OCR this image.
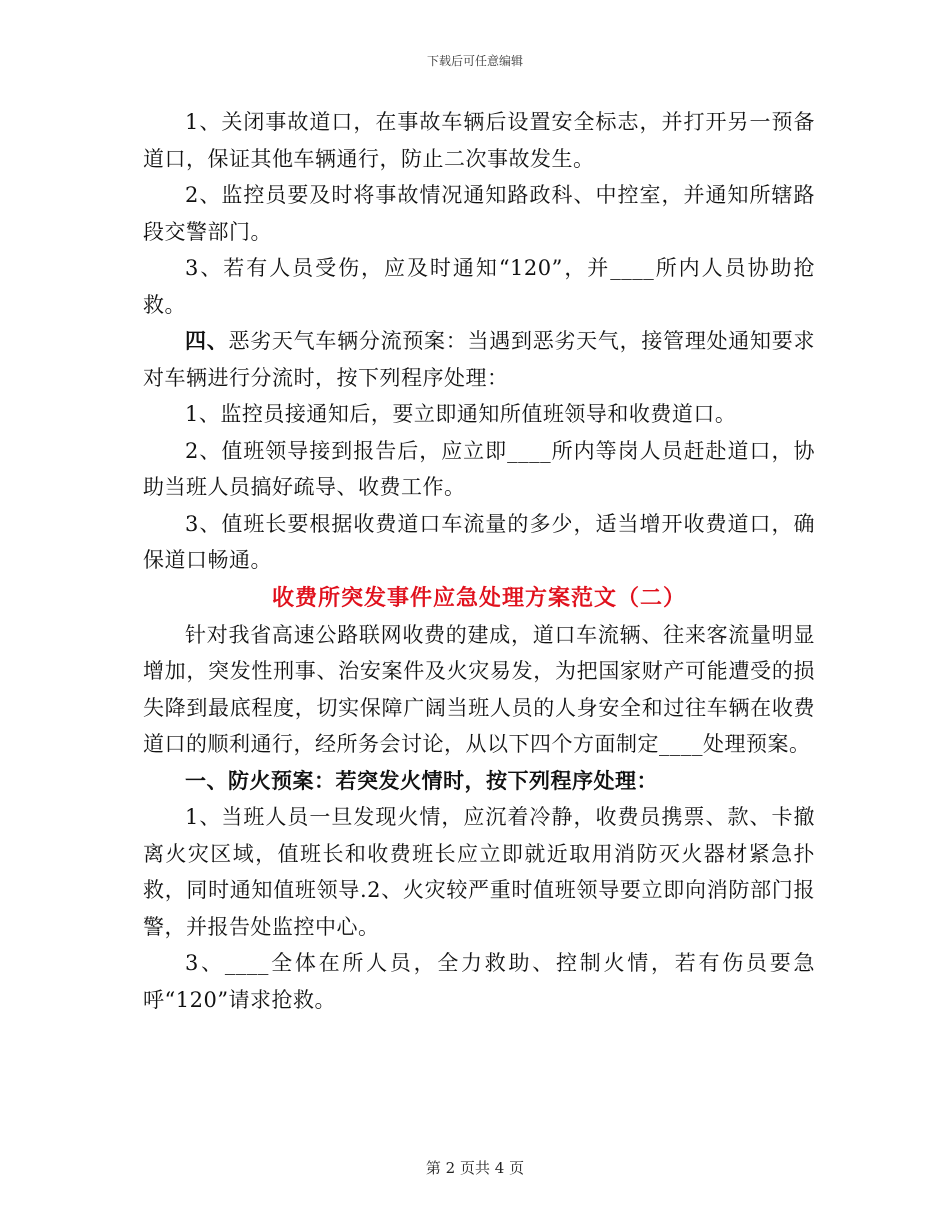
下载后可任意编辑

1、关闭事故道口，在事故车辆后设置安全标志，并打开另一预备道口，保证其他车辆通行，防止二次事故发生。

2、监控员要及时将事故情况通知路政科、中控室，并通知所辖路段交警部门。

3、若有人员受伤，应及时通知“120”，并____所内人员协助抢救。

四、恶劣天气车辆分流预案：当遇到恶劣天气，接管理处通知要求对车辆进行分流时，按下列程序处理：

1、监控员接通知后，要立即通知所值班领导和收费道口。

2、值班领导接到报告后，应立即____所内等岗人员赶赴道口，协助当班人员搞好疏导、收费工作。

3、值班长要根据收费道口车流量的多少，适当增开收费道口，确保道口畅通。

收费所突发事件应急处理方案范文（二）

针对我省高速公路联网收费的建成，道口车流辆、往来客流量明显增加，突发性刑事、治安案件及火灾易发，为把国家财产可能遭受的损失降到最底程度，切实保障广阔当班人员的人身安全和过往车辆在收费道口的顺利通行，经所务会讨论，从以下四个方面制定____处理预案。

一、防火预案：若突发火情时，按下列程序处理：

1、当班人员一旦发现火情，应沉着冷静，收费员携票、款、卡撤离火灾区域，值班长和收费班长应立即就近取用消防灭火器材紧急扑救，同时通知值班领导.2、火灾较严重时值班领导要立即向消防部门报警，并报告处监控中心。

3、____全体在所人员，全力救助、控制火情，若有伤员要急呼“120”请求抢救。

第 2 页共 4 页
